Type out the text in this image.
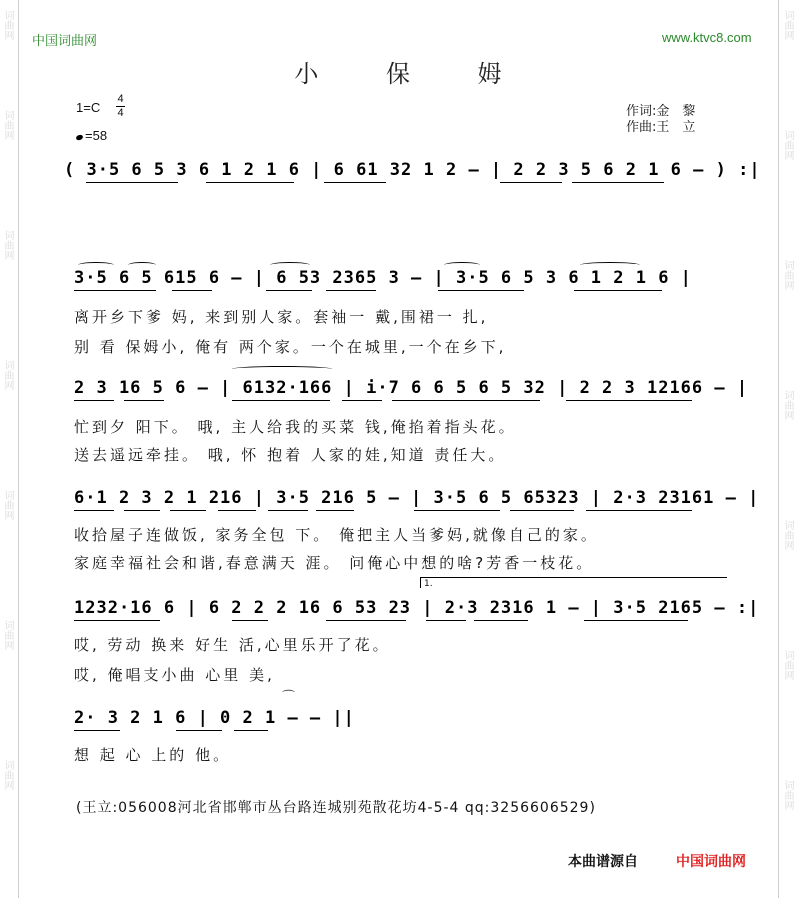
词曲网
词曲网
词曲网
词曲网
词曲网
词曲网
词曲网
词曲网
词曲网
词曲网
词曲网
词曲网
词曲网
词曲网
中国词曲网	www.ktvc8.com
小 保 姆
1=C
4
4
=58
作词:金　黎
作曲:王　立
( 3·5 6 5 3 6 1 2 1 6 | 6 61 32 1 2 – | 2 2 3 5 6 2 1 6 – ) :|
3·5 6 5 615 6 – | 6 53 2365 3 – | 3·5 6 5 3 6 1 2 1 6 |
离开乡下爹 妈, 来到别人家。套袖一 戴,围裙一 扎,
别 看 保姆小, 俺有 两个家。一个在城里,一个在乡下,
2 3 16 5 6 – | 6132·166 | i·7 6 6 5 6 5 32 | 2 2 3 12166 – |
忙到夕 阳下。 哦, 主人给我的买菜 钱,俺掐着指头花。
送去遥远牵挂。 哦, 怀 抱着 人家的娃,知道 责任大。
6·1 2 3 2 1 216 | 3·5 216 5 – | 3·5 6 5 65323 | 2·3 23161 – |
收拾屋子连做饭, 家务全包 下。 俺把主人当爹妈,就像自己的家。
家庭幸福社会和谐,春意满天 涯。 问俺心中想的啥?芳香一枝花。
1.
1232·16 6 | 6 2 2 2 16 6 53 23 | 2·3 2316 1 – | 3·5 2165 – :|
哎, 劳动 换来 好生 活,心里乐开了花。
哎, 俺唱支小曲 心里 美,
⌒
2· 3 2 1 6 | 0 2 1 – – ||
想 起 心 上的 他。
(王立:056008河北省邯郸市丛台路连城别苑散花坊4-5-4 qq:3256606529)
本曲谱源自	中国词曲网
